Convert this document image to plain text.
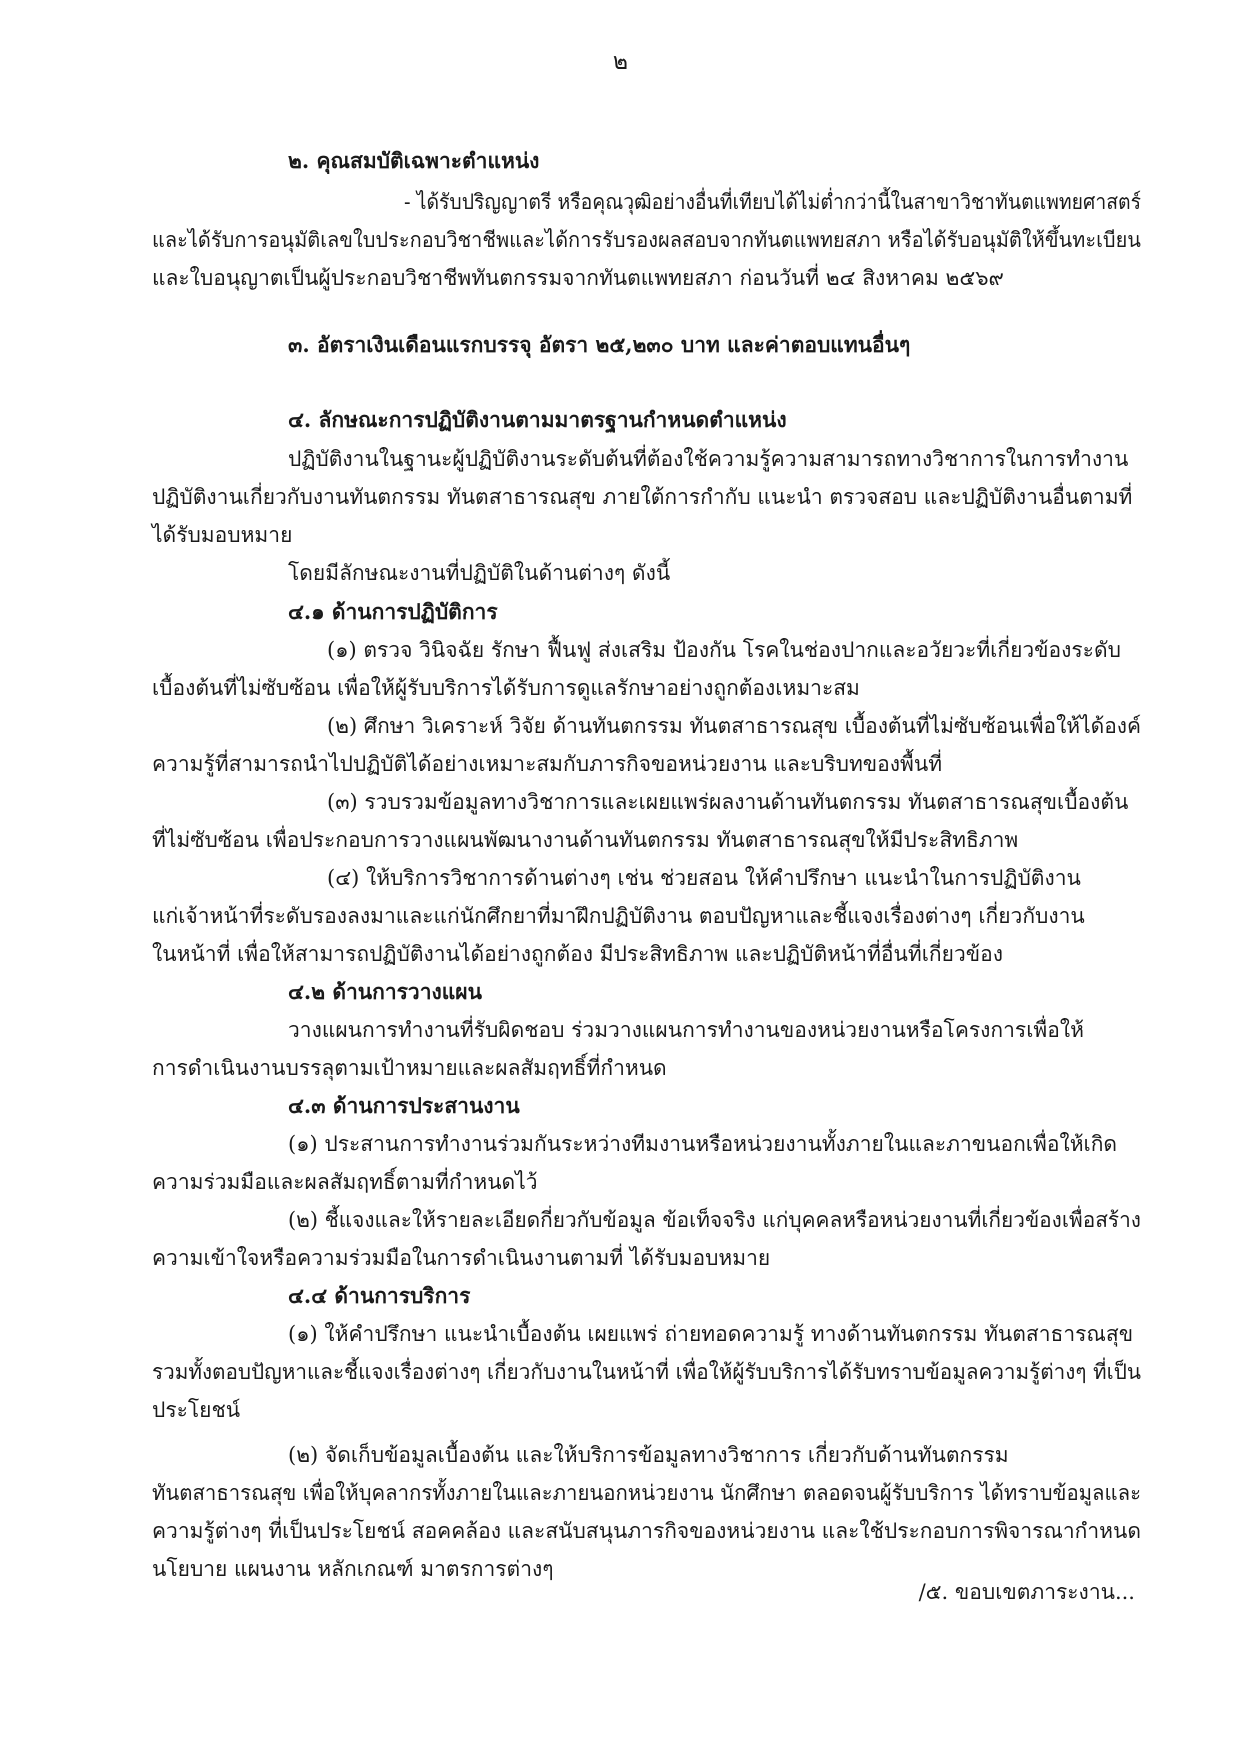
๒
๒. คุณสมบัติเฉพาะตำแหน่ง
- ได้รับปริญญาตรี หรือคุณวุฒิอย่างอื่นที่เทียบได้ไม่ต่ำกว่านี้ในสาขาวิชาทันตแพทยศาสตร์
และได้รับการอนุมัติเลขใบประกอบวิชาชีพและได้การรับรองผลสอบจากทันตแพทยสภา หรือได้รับอนุมัติให้ขึ้นทะเบียน
และใบอนุญาตเป็นผู้ประกอบวิชาชีพทันตกรรมจากทันตแพทยสภา ก่อนวันที่ ๒๔ สิงหาคม ๒๕๖๙
๓. อัตราเงินเดือนแรกบรรจุ อัตรา ๒๕,๒๓๐ บาท และค่าตอบแทนอื่นๆ
๔. ลักษณะการปฏิบัติงานตามมาตรฐานกำหนดตำแหน่ง
ปฏิบัติงานในฐานะผู้ปฏิบัติงานระดับต้นที่ต้องใช้ความรู้ความสามารถทางวิชาการในการทำงาน
ปฏิบัติงานเกี่ยวกับงานทันตกรรม ทันตสาธารณสุข ภายใต้การกำกับ แนะนำ ตรวจสอบ และปฏิบัติงานอื่นตามที่
ได้รับมอบหมาย
โดยมีลักษณะงานที่ปฏิบัติในด้านต่างๆ ดังนี้
๔.๑ ด้านการปฏิบัติการ
(๑) ตรวจ วินิจฉัย รักษา ฟื้นฟู ส่งเสริม ป้องกัน โรคในช่องปากและอวัยวะที่เกี่ยวข้องระดับ
เบื้องต้นที่ไม่ซับซ้อน เพื่อให้ผู้รับบริการได้รับการดูแลรักษาอย่างถูกต้องเหมาะสม
(๒) ศึกษา วิเคราะห์ วิจัย ด้านทันตกรรม ทันตสาธารณสุข เบื้องต้นที่ไม่ซับซ้อนเพื่อให้ได้องค์
ความรู้ที่สามารถนำไปปฏิบัติได้อย่างเหมาะสมกับภารกิจขอหน่วยงาน และบริบทของพื้นที่
(๓) รวบรวมข้อมูลทางวิชาการและเผยแพร่ผลงานด้านทันตกรรม ทันตสาธารณสุขเบื้องต้น
ที่ไม่ซับซ้อน เพื่อประกอบการวางแผนพัฒนางานด้านทันตกรรม ทันตสาธารณสุขให้มีประสิทธิภาพ
(๔) ให้บริการวิชาการด้านต่างๆ เช่น ช่วยสอน ให้คำปรึกษา แนะนำในการปฏิบัติงาน
แก่เจ้าหน้าที่ระดับรองลงมาและแก่นักศึกยาที่มาฝึกปฏิบัติงาน ตอบปัญหาและชี้แจงเรื่องต่างๆ เกี่ยวกับงาน
ในหน้าที่ เพื่อให้สามารถปฏิบัติงานได้อย่างถูกต้อง มีประสิทธิภาพ และปฏิบัติหน้าที่อื่นที่เกี่ยวข้อง
๔.๒ ด้านการวางแผน
วางแผนการทำงานที่รับผิดชอบ ร่วมวางแผนการทำงานของหน่วยงานหรือโครงการเพื่อให้
การดำเนินงานบรรลุตามเป้าหมายและผลสัมฤทธิ์ที่กำหนด
๔.๓ ด้านการประสานงาน
(๑) ประสานการทำงานร่วมกันระหว่างทีมงานหรือหน่วยงานทั้งภายในและภาขนอกเพื่อให้เกิด
ความร่วมมือและผลสัมฤทธิ์ตามที่กำหนดไว้
(๒) ชี้แจงและให้รายละเอียดกี่ยวกับข้อมูล ข้อเท็จจริง แก่บุคคลหรือหน่วยงานที่เกี่ยวข้องเพื่อสร้าง
ความเข้าใจหรือความร่วมมือในการดำเนินงานตามที่ ได้รับมอบหมาย
๔.๔ ด้านการบริการ
(๑) ให้คำปรึกษา แนะนำเบื้องต้น เผยแพร่ ถ่ายทอดความรู้ ทางด้านทันตกรรม ทันตสาธารณสุข
รวมทั้งตอบปัญหาและชี้แจงเรื่องต่างๆ เกี่ยวกับงานในหน้าที่ เพื่อให้ผู้รับบริการได้รับทราบข้อมูลความรู้ต่างๆ ที่เป็น
ประโยชน์
(๒) จัดเก็บข้อมูลเบื้องต้น และให้บริการข้อมูลทางวิชาการ เกี่ยวกับด้านทันตกรรม
ทันตสาธารณสุข เพื่อให้บุคลากรทั้งภายในและภายนอกหน่วยงาน นักศึกษา ตลอดจนผู้รับบริการ ได้ทราบข้อมูลและ
ความรู้ต่างๆ ที่เป็นประโยชน์ สอคคล้อง และสนับสนุนภารกิจของหน่วยงาน และใช้ประกอบการพิจารณากำหนด
นโยบาย แผนงาน หลักเกณฑ์ มาตรการต่างๆ
/๕. ขอบเขตภาระงาน...
